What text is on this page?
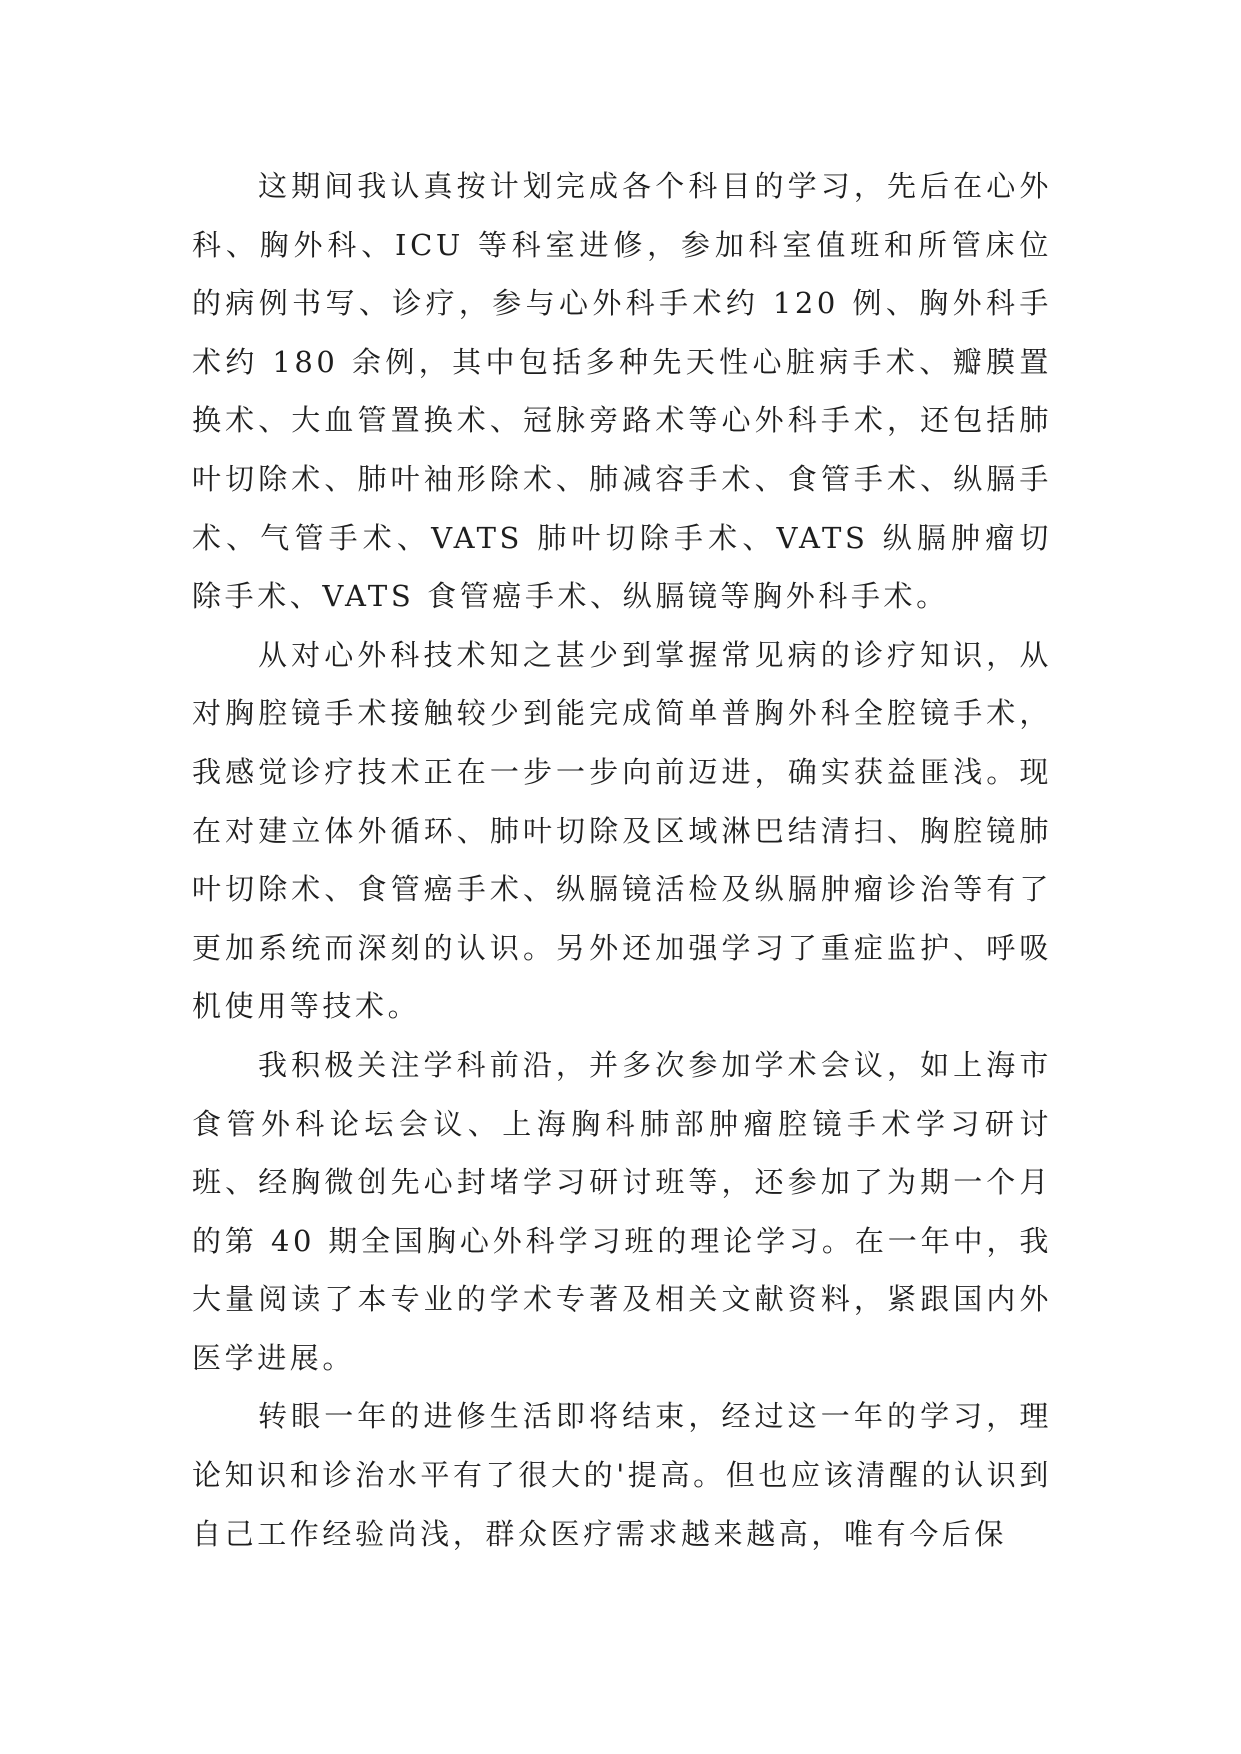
这期间我认真按计划完成各个科目的学习，先后在心外科、胸外科、ICU 等科室进修，参加科室值班和所管床位的病例书写、诊疗，参与心外科手术约 120 例、胸外科手术约 180 余例，其中包括多种先天性心脏病手术、瓣膜置换术、大血管置换术、冠脉旁路术等心外科手术，还包括肺叶切除术、肺叶袖形除术、肺减容手术、食管手术、纵膈手术、气管手术、VATS 肺叶切除手术、VATS 纵膈肿瘤切除手术、VATS 食管癌手术、纵膈镜等胸外科手术。

从对心外科技术知之甚少到掌握常见病的诊疗知识，从对胸腔镜手术接触较少到能完成简单普胸外科全腔镜手术，我感觉诊疗技术正在一步一步向前迈进，确实获益匪浅。现在对建立体外循环、肺叶切除及区域淋巴结清扫、胸腔镜肺叶切除术、食管癌手术、纵膈镜活检及纵膈肿瘤诊治等有了更加系统而深刻的认识。另外还加强学习了重症监护、呼吸机使用等技术。

我积极关注学科前沿，并多次参加学术会议，如上海市食管外科论坛会议、上海胸科肺部肿瘤腔镜手术学习研讨班、经胸微创先心封堵学习研讨班等，还参加了为期一个月的第 40 期全国胸心外科学习班的理论学习。在一年中，我大量阅读了本专业的学术专著及相关文献资料，紧跟国内外医学进展。

转眼一年的进修生活即将结束，经过这一年的学习，理论知识和诊治水平有了很大的'提高。但也应该清醒的认识到自己工作经验尚浅，群众医疗需求越来越高，唯有今后保
